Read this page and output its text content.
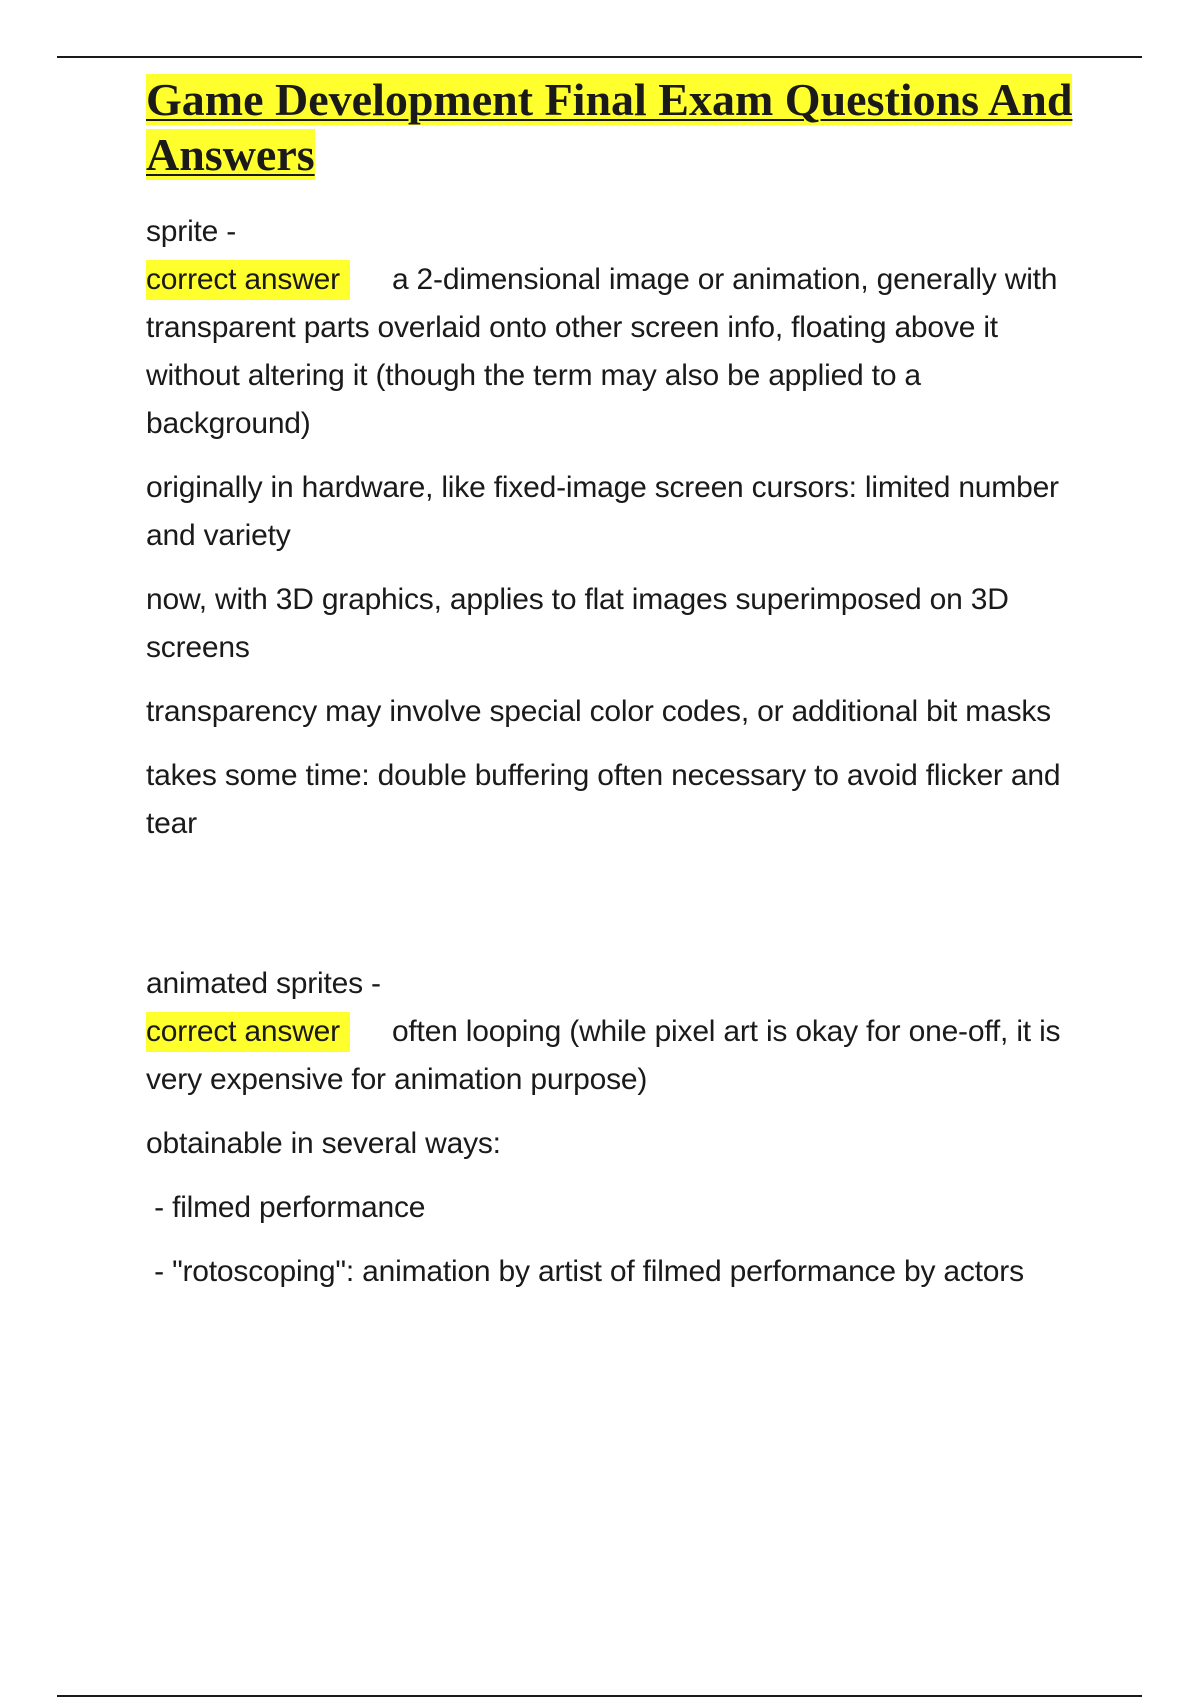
Game Development Final Exam Questions And Answers

sprite -
correct answer a 2-dimensional image or animation, generally with transparent parts overlaid onto other screen info, floating above it without altering it (though the term may also be applied to a background)

originally in hardware, like fixed-image screen cursors: limited number and variety

now, with 3D graphics, applies to flat images superimposed on 3D screens

transparency may involve special color codes, or additional bit masks

takes some time: double buffering often necessary to avoid flicker and tear

animated sprites -
correct answer often looping (while pixel art is okay for one-off, it is very expensive for animation purpose)

obtainable in several ways:

- filmed performance

- "rotoscoping": animation by artist of filmed performance by actors
